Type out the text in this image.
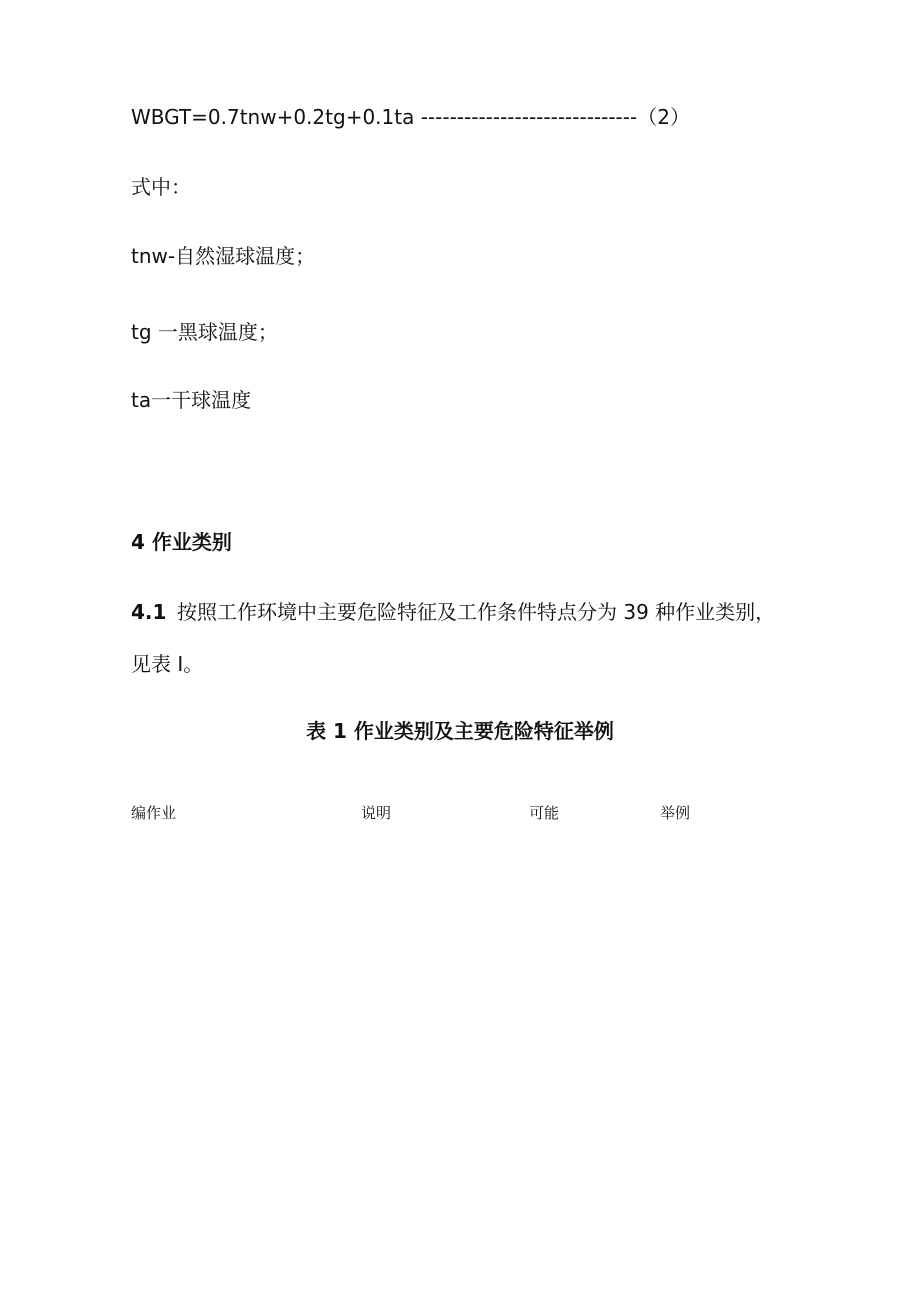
WBGT=0.7tnw+0.2tg+0.1ta ------------------------------（2）
式中：
tnw-自然湿球温度；
tg 一黑球温度；
ta一干球温度
4 作业类别
4.1 按照工作环境中主要危险特征及工作条件特点分为 39 种作业类别，
见表 I。
表 1 作业类别及主要危险特征举例
编作业	说明	可能	举例
